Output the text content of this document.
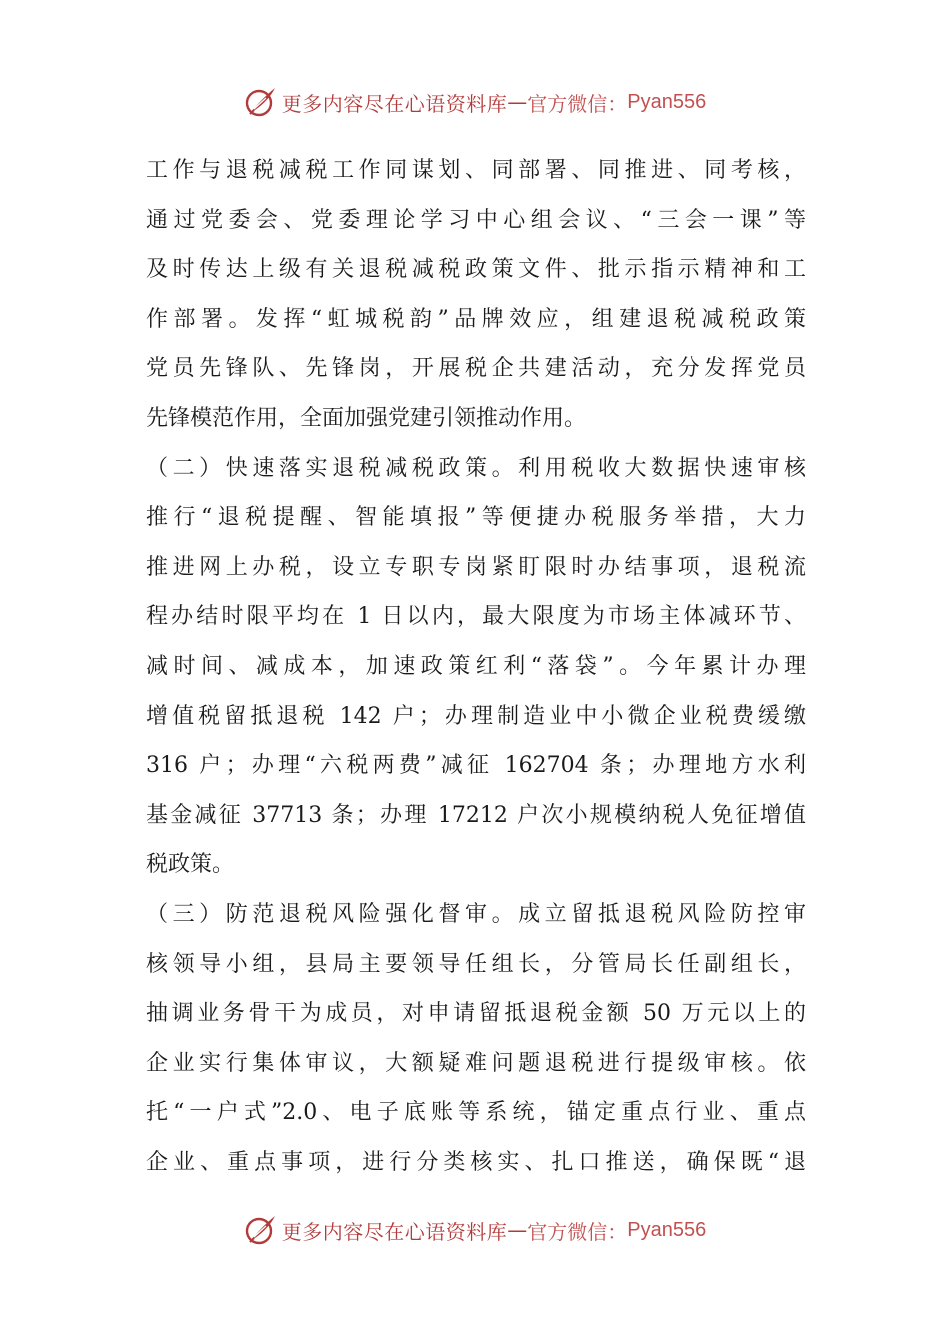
更多内容尽在心语资料库 — 官方微信： Pyan556
工作与退税减税工作同谋划、同部署、同推进、同考核，
通过党委会、党委理论学习中心组会议、“三会一课”等
及时传达上级有关退税减税政策文件、批示指示精神和工
作部署。发挥“虹城税韵”品牌效应，组建退税减税政策
党员先锋队、先锋岗，开展税企共建活动，充分发挥党员
先锋模范作用，全面加强党建引领推动作用。
（二）快速落实退税减税政策。利用税收大数据快速审核
推行“退税提醒、智能填报”等便捷办税服务举措，大力
推进网上办税，设立专职专岗紧盯限时办结事项，退税流
程办结时限平均在 1 日以内，最大限度为市场主体减环节、
减时间、减成本，加速政策红利“落袋”。今年累计办理
增值税留抵退税 142 户；办理制造业中小微企业税费缓缴
316 户；办理“六税两费”减征 162704 条；办理地方水利
基金减征 37713 条；办理 17212 户次小规模纳税人免征增值
税政策。
（三）防范退税风险强化督审。成立留抵退税风险防控审
核领导小组，县局主要领导任组长，分管局长任副组长，
抽调业务骨干为成员，对申请留抵退税金额 50 万元以上的
企业实行集体审议，大额疑难问题退税进行提级审核。依
托“一户式”2.0、电子底账等系统，锚定重点行业、重点
企业、重点事项，进行分类核实、扎口推送，确保既“退
更多内容尽在心语资料库 — 官方微信： Pyan556
